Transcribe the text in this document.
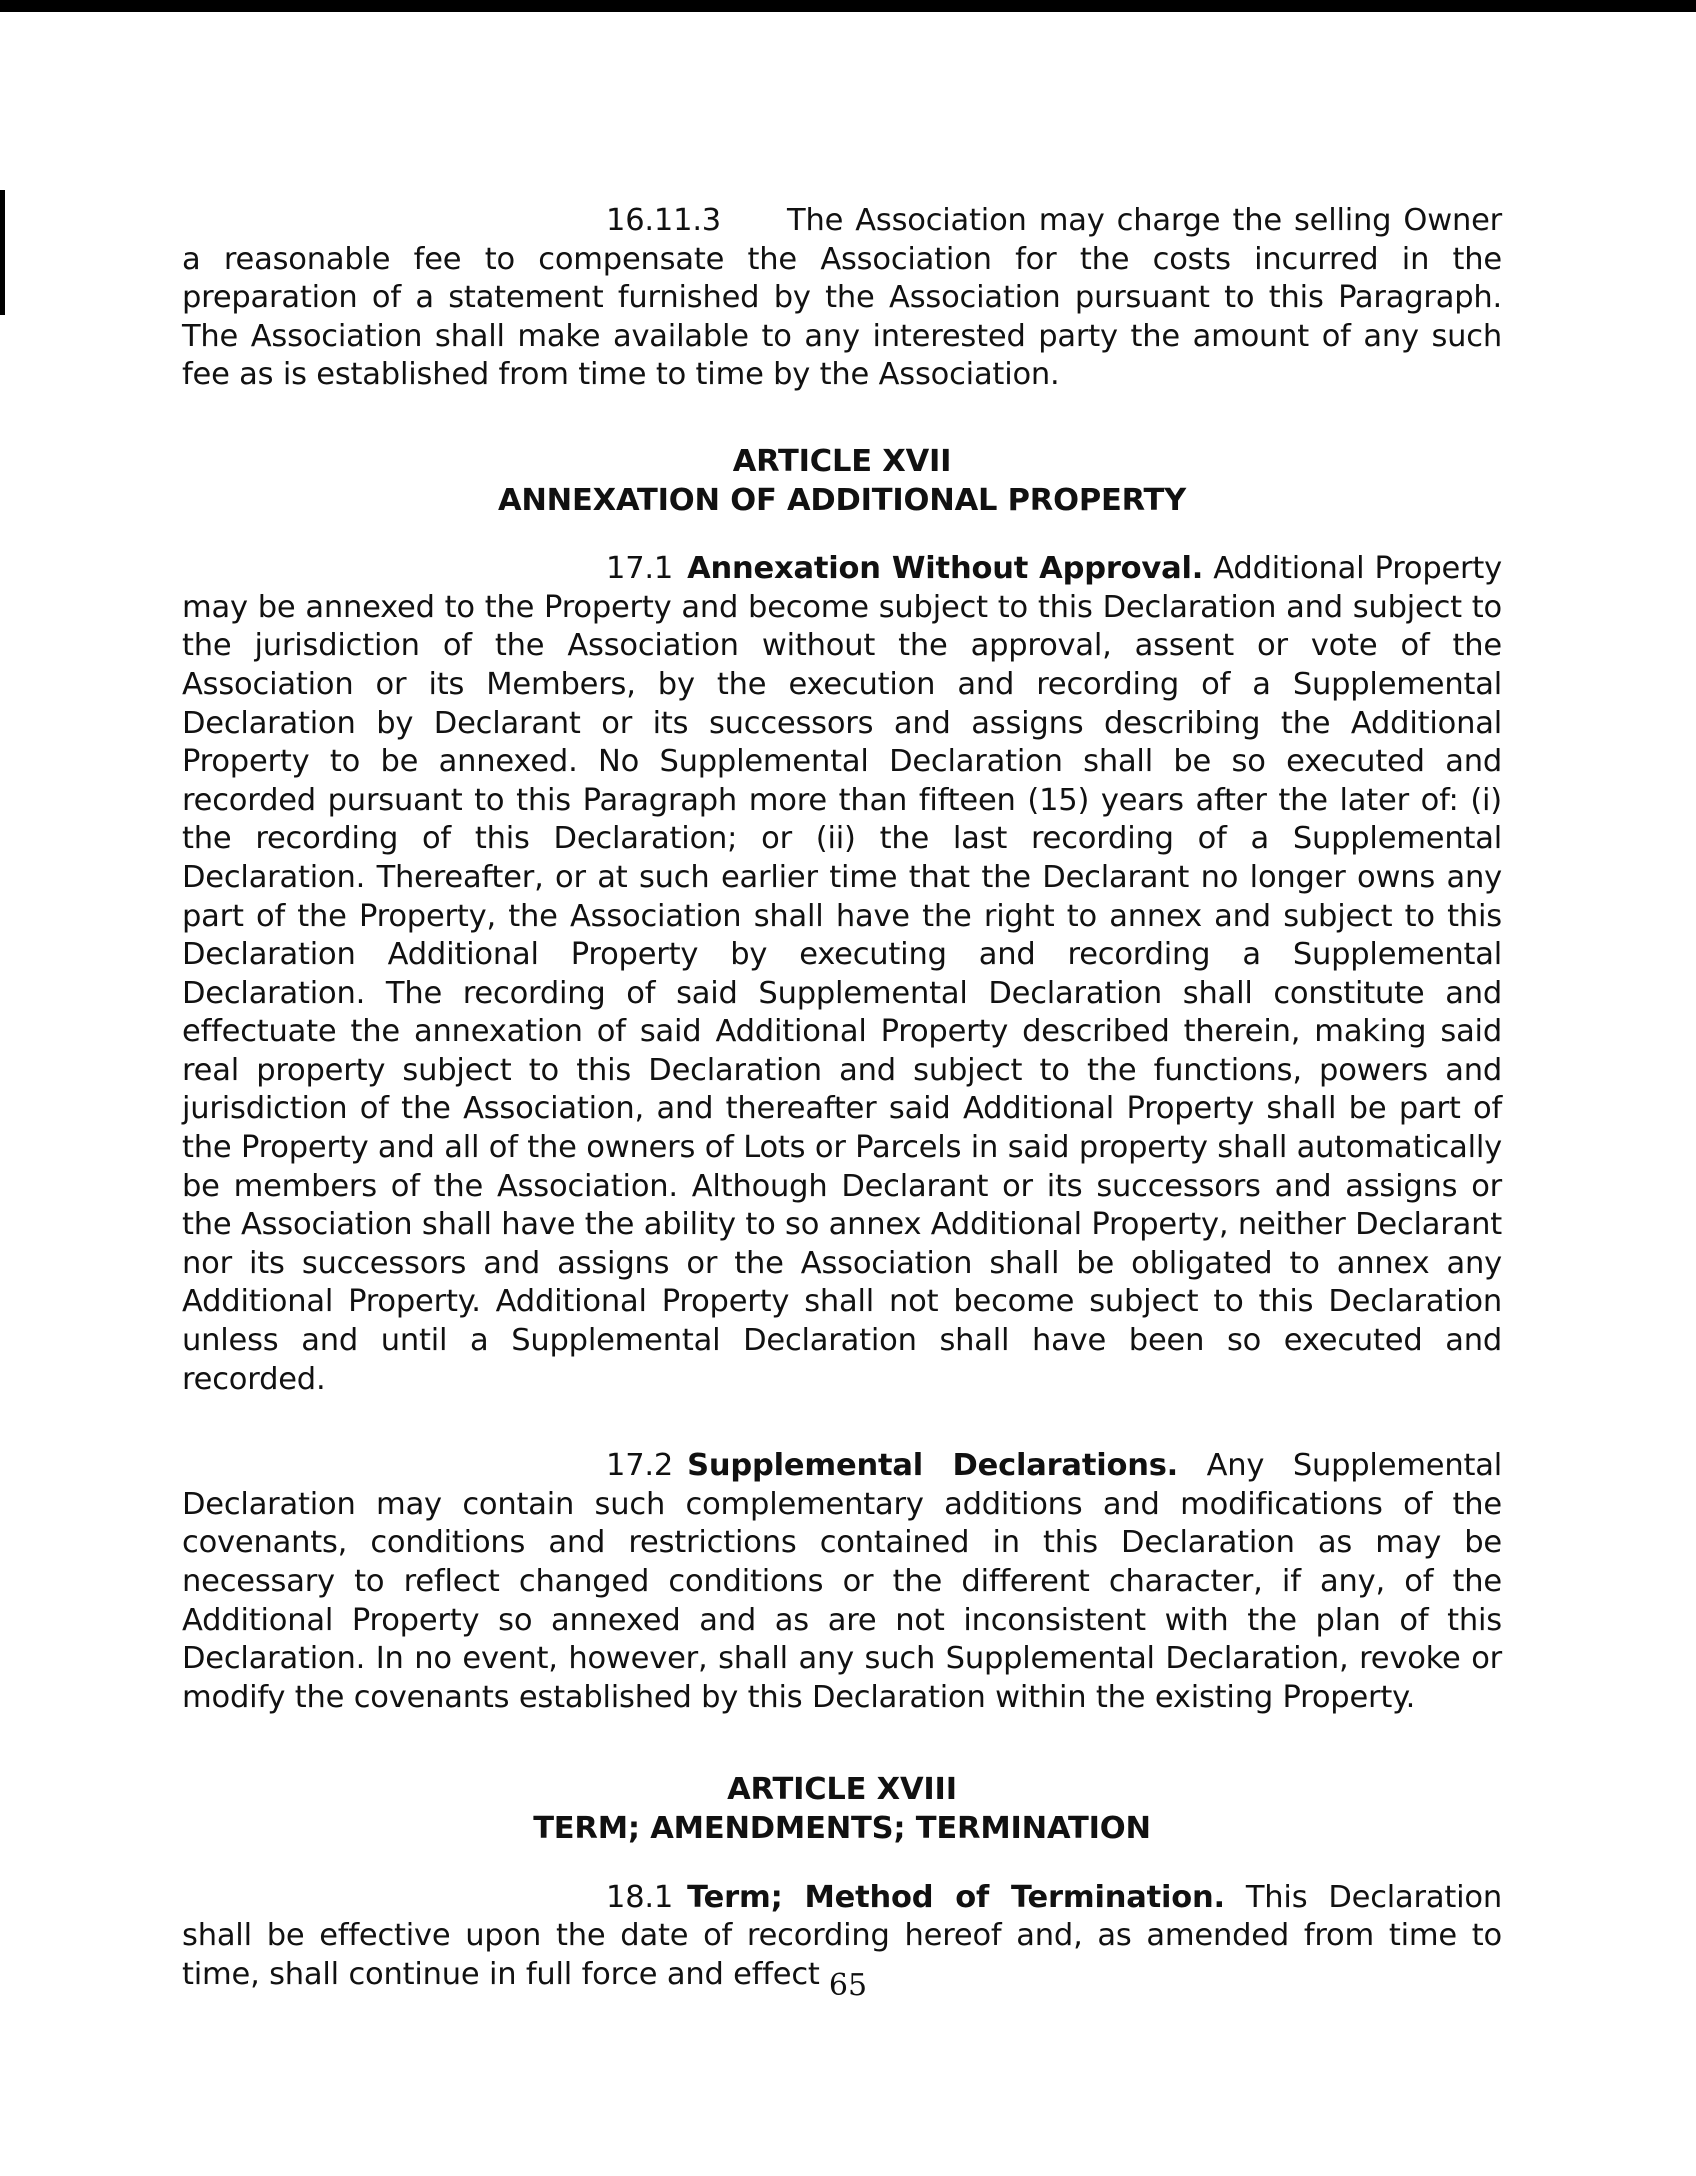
16.11.3 The Association may charge the selling Owner a reasonable fee to compensate the Association for the costs incurred in the preparation of a statement furnished by the Association pursuant to this Paragraph. The Association shall make available to any interested party the amount of any such fee as is established from time to time by the Association.

ARTICLE XVII

ANNEXATION OF ADDITIONAL PROPERTY

17.1 Annexation Without Approval. Additional Property may be annexed to the Property and become subject to this Declaration and subject to the jurisdiction of the Association without the approval, assent or vote of the Association or its Members, by the execution and recording of a Supplemental Declaration by Declarant or its successors and assigns describing the Additional Property to be annexed. No Supplemental Declaration shall be so executed and recorded pursuant to this Paragraph more than fifteen (15) years after the later of: (i) the recording of this Declaration; or (ii) the last recording of a Supplemental Declaration. Thereafter, or at such earlier time that the Declarant no longer owns any part of the Property, the Association shall have the right to annex and subject to this Declaration Additional Property by executing and recording a Supplemental Declaration. The recording of said Supplemental Declaration shall constitute and effectuate the annexation of said Additional Property described therein, making said real property subject to this Declaration and subject to the functions, powers and jurisdiction of the Association, and thereafter said Additional Property shall be part of the Property and all of the owners of Lots or Parcels in said property shall automatically be members of the Association. Although Declarant or its successors and assigns or the Association shall have the ability to so annex Additional Property, neither Declarant nor its successors and assigns or the Association shall be obligated to annex any Additional Property. Additional Property shall not become subject to this Declaration unless and until a Supplemental Declaration shall have been so executed and recorded.

17.2 Supplemental Declarations. Any Supplemental Declaration may contain such complementary additions and modifications of the covenants, conditions and restrictions contained in this Declaration as may be necessary to reflect changed conditions or the different character, if any, of the Additional Property so annexed and as are not inconsistent with the plan of this Declaration. In no event, however, shall any such Supplemental Declaration, revoke or modify the covenants established by this Declaration within the existing Property.

ARTICLE XVIII

TERM; AMENDMENTS; TERMINATION

18.1 Term; Method of Termination. This Declaration shall be effective upon the date of recording hereof and, as amended from time to time, shall continue in full force and effect 65
